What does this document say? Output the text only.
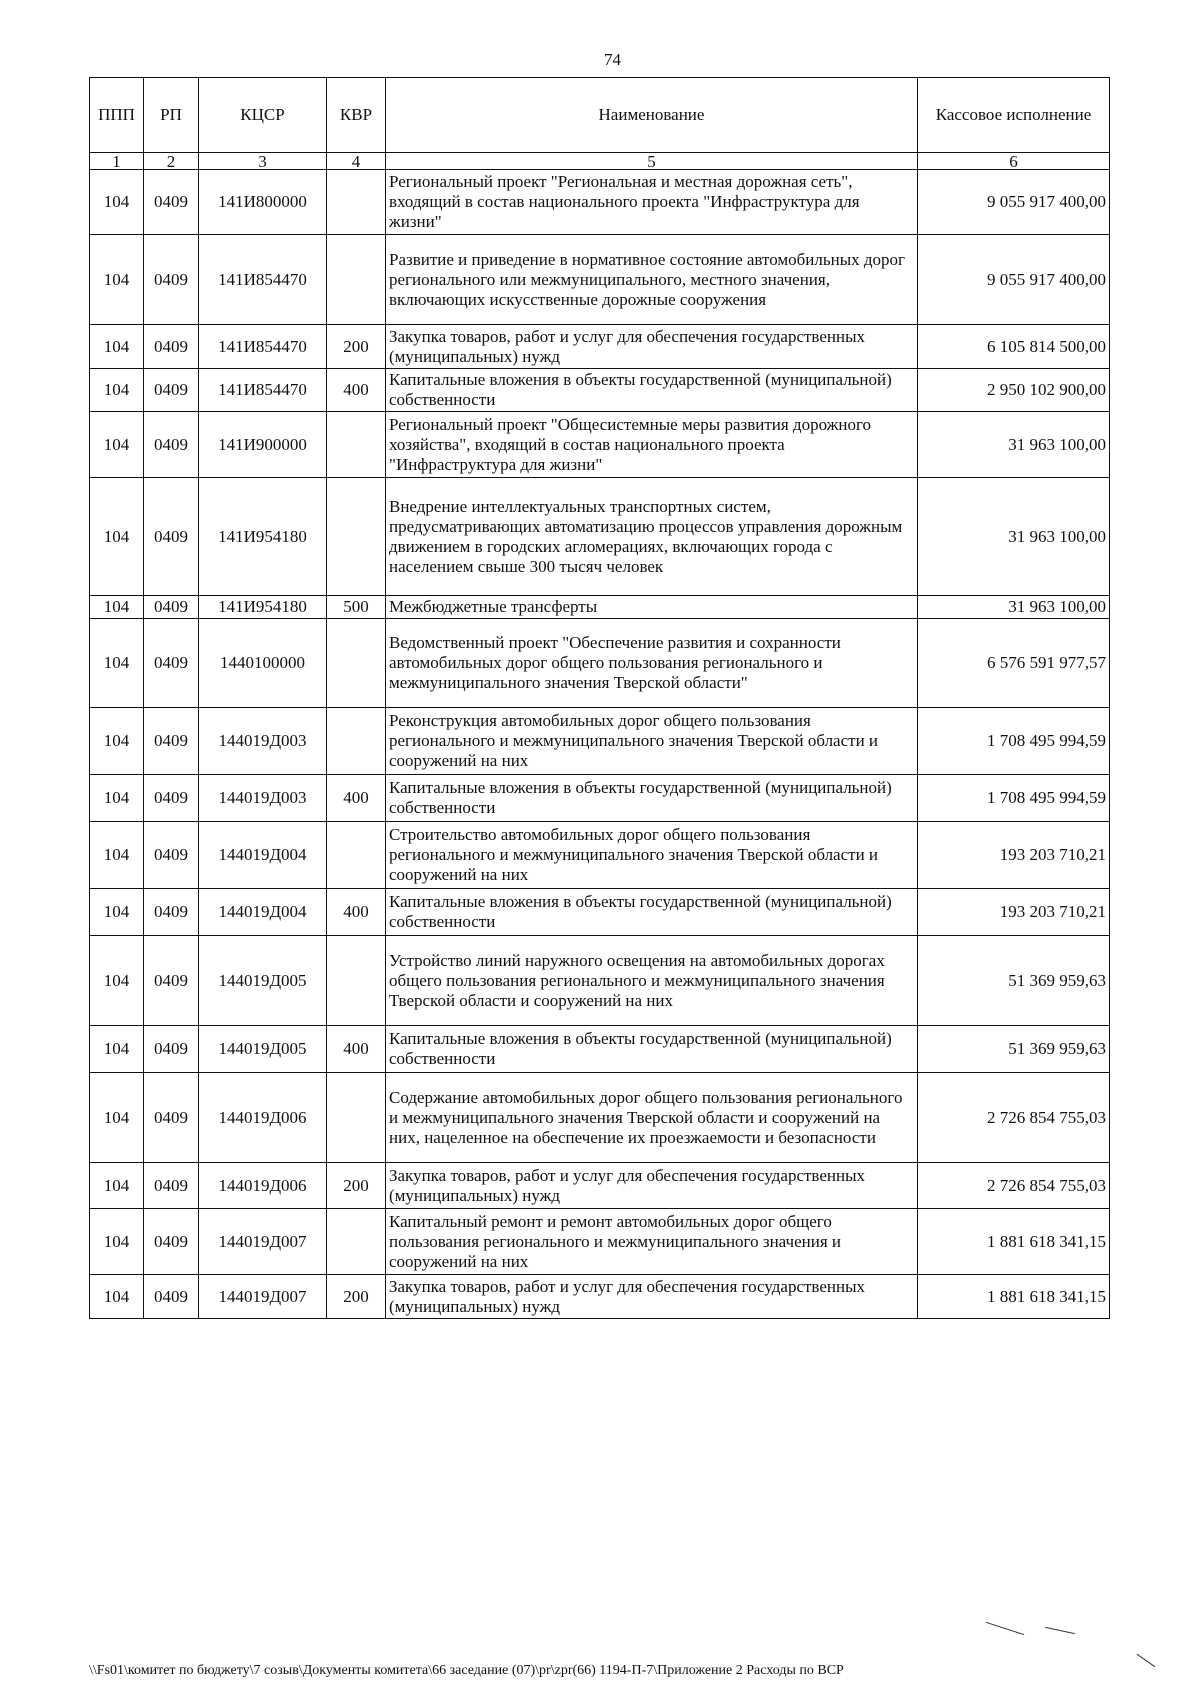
74
ППП	РП	КЦСР	КВР	Наименование	Кассовое исполнение
1	2	3	4	5	6
104	0409	141И800000		Региональный проект "Региональная и местная дорожная сеть", входящий в состав национального проекта "Инфраструктура для жизни"	9 055 917 400,00
104	0409	141И854470		Развитие и приведение в нормативное состояние автомобильных дорог регионального или межмуниципального, местного значения, включающих искусственные дорожные сооружения	9 055 917 400,00
104	0409	141И854470	200	Закупка товаров, работ и услуг для обеспечения государственных (муниципальных) нужд	6 105 814 500,00
104	0409	141И854470	400	Капитальные вложения в объекты государственной (муниципальной) собственности	2 950 102 900,00
104	0409	141И900000		Региональный проект "Общесистемные меры развития дорожного хозяйства", входящий в состав национального проекта "Инфраструктура для жизни"	31 963 100,00
104	0409	141И954180		Внедрение интеллектуальных транспортных систем, предусматривающих автоматизацию процессов управления дорожным движением в городских агломерациях, включающих города с населением свыше 300 тысяч человек	31 963 100,00
104	0409	141И954180	500	Межбюджетные трансферты	31 963 100,00
104	0409	1440100000		Ведомственный проект "Обеспечение развития и сохранности автомобильных дорог общего пользования регионального и межмуниципального значения Тверской области"	6 576 591 977,57
104	0409	144019Д003		Реконструкция автомобильных дорог общего пользования регионального и межмуниципального значения Тверской области и сооружений на них	1 708 495 994,59
104	0409	144019Д003	400	Капитальные вложения в объекты государственной (муниципальной) собственности	1 708 495 994,59
104	0409	144019Д004		Строительство автомобильных дорог общего пользования регионального и межмуниципального значения Тверской области и сооружений на них	193 203 710,21
104	0409	144019Д004	400	Капитальные вложения в объекты государственной (муниципальной) собственности	193 203 710,21
104	0409	144019Д005		Устройство линий наружного освещения на автомобильных дорогах общего пользования регионального и межмуниципального значения Тверской области и сооружений на них	51 369 959,63
104	0409	144019Д005	400	Капитальные вложения в объекты государственной (муниципальной) собственности	51 369 959,63
104	0409	144019Д006		Содержание автомобильных дорог общего пользования регионального и межмуниципального значения Тверской области и сооружений на них, нацеленное на обеспечение их проезжаемости и безопасности	2 726 854 755,03
104	0409	144019Д006	200	Закупка товаров, работ и услуг для обеспечения государственных (муниципальных) нужд	2 726 854 755,03
104	0409	144019Д007		Капитальный ремонт и ремонт автомобильных дорог общего пользования регионального и межмуниципального значения и сооружений на них	1 881 618 341,15
104	0409	144019Д007	200	Закупка товаров, работ и услуг для обеспечения государственных (муниципальных) нужд	1 881 618 341,15
\\Fs01\комитет по бюджету\7 созыв\Документы комитета\66 заседание (07)\pr\zpr(66) 1194-П-7\Приложение 2 Расходы по ВСР
